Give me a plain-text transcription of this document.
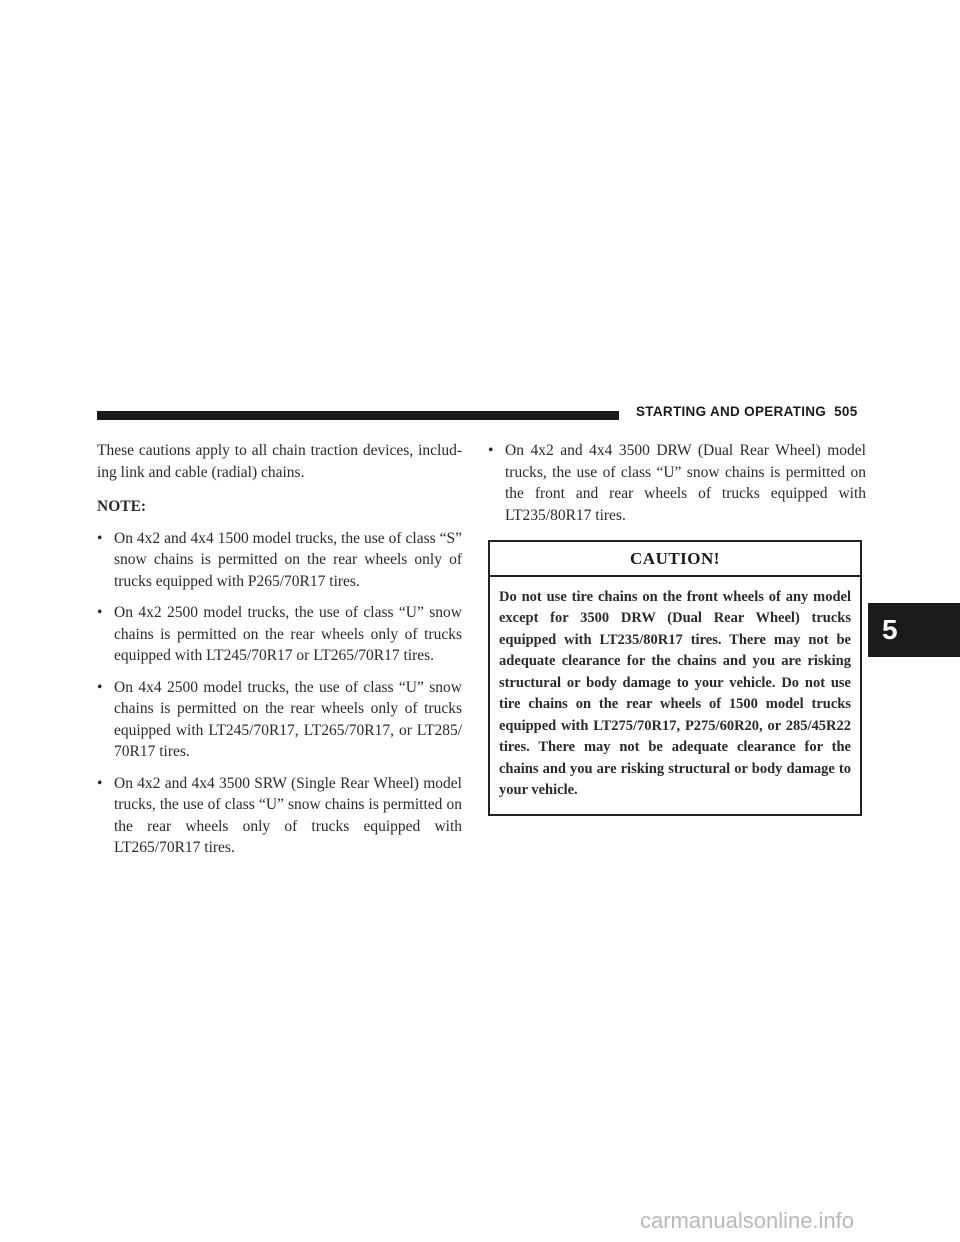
STARTING AND OPERATING 505

These cautions apply to all chain traction devices, includ-ing link and cable (radial) chains.

NOTE:

• On 4x2 and 4x4 1500 model trucks, the use of class “S” snow chains is permitted on the rear wheels only of trucks equipped with P265/70R17 tires.
• On 4x2 2500 model trucks, the use of class “U” snow chains is permitted on the rear wheels only of trucks equipped with LT245/70R17 or LT265/70R17 tires.
• On 4x4 2500 model trucks, the use of class “U” snow chains is permitted on the rear wheels only of trucks equipped with LT245/70R17, LT265/70R17, or LT285/ 70R17 tires.
• On 4x2 and 4x4 3500 SRW (Single Rear Wheel) model trucks, the use of class “U” snow chains is permitted on the rear wheels only of trucks equipped with LT265/70R17 tires.
• On 4x2 and 4x4 3500 DRW (Dual Rear Wheel) model trucks, the use of class “U” snow chains is permitted on the front and rear wheels of trucks equipped with LT235/80R17 tires.
CAUTION!
Do not use tire chains on the front wheels of any model except for 3500 DRW (Dual Rear Wheel) trucks equipped with LT235/80R17 tires. There may not be adequate clearance for the chains and you are risking structural or body damage to your vehicle. Do not use tire chains on the rear wheels of 1500 model trucks equipped with LT275/70R17, P275/60R20, or 285/45R22 tires. There may not be adequate clearance for the chains and you are risking structural or body damage to your vehicle.
5
carmanualsonline.info
